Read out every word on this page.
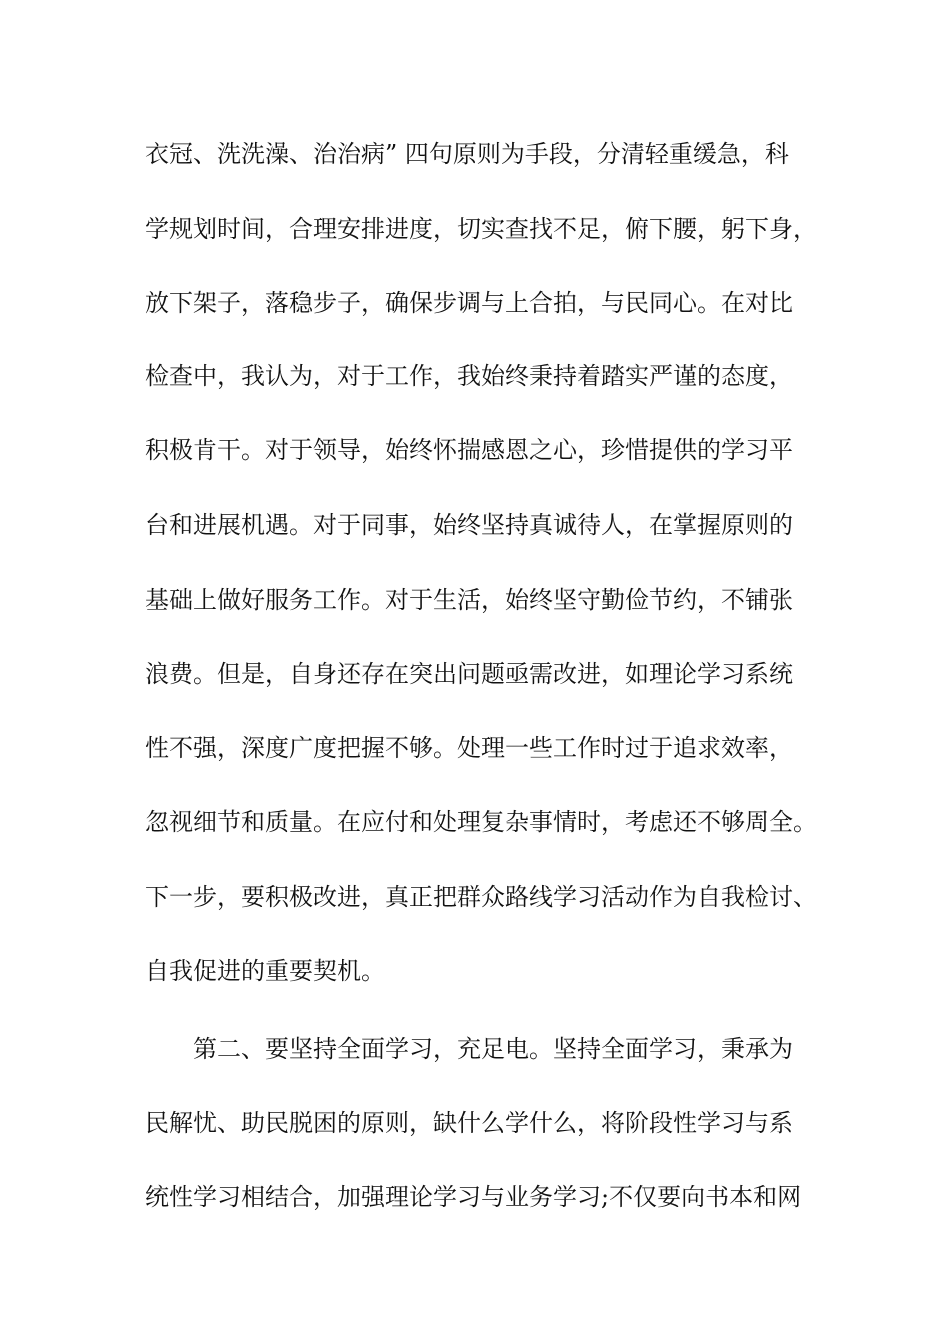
衣冠、洗洗澡、治治病” 四句原则为手段，分清轻重缓急，科
学规划时间，合理安排进度，切实查找不足，俯下腰，躬下身，
放下架子，落稳步子，确保步调与上合拍，与民同心。在对比
检查中，我认为，对于工作，我始终秉持着踏实严谨的态度，
积极肯干。对于领导，始终怀揣感恩之心，珍惜提供的学习平
台和进展机遇。对于同事，始终坚持真诚待人，在掌握原则的
基础上做好服务工作。对于生活，始终坚守勤俭节约，不铺张
浪费。但是，自身还存在突出问题亟需改进，如理论学习系统
性不强，深度广度把握不够。处理一些工作时过于追求效率，
忽视细节和质量。在应付和处理复杂事情时，考虑还不够周全。
下一步，要积极改进，真正把群众路线学习活动作为自我检讨、
自我促进的重要契机。
第二、要坚持全面学习，充足电。坚持全面学习，秉承为
民解忧、助民脱困的原则，缺什么学什么，将阶段性学习与系
统性学习相结合，加强理论学习与业务学习;不仅要向书本和网
